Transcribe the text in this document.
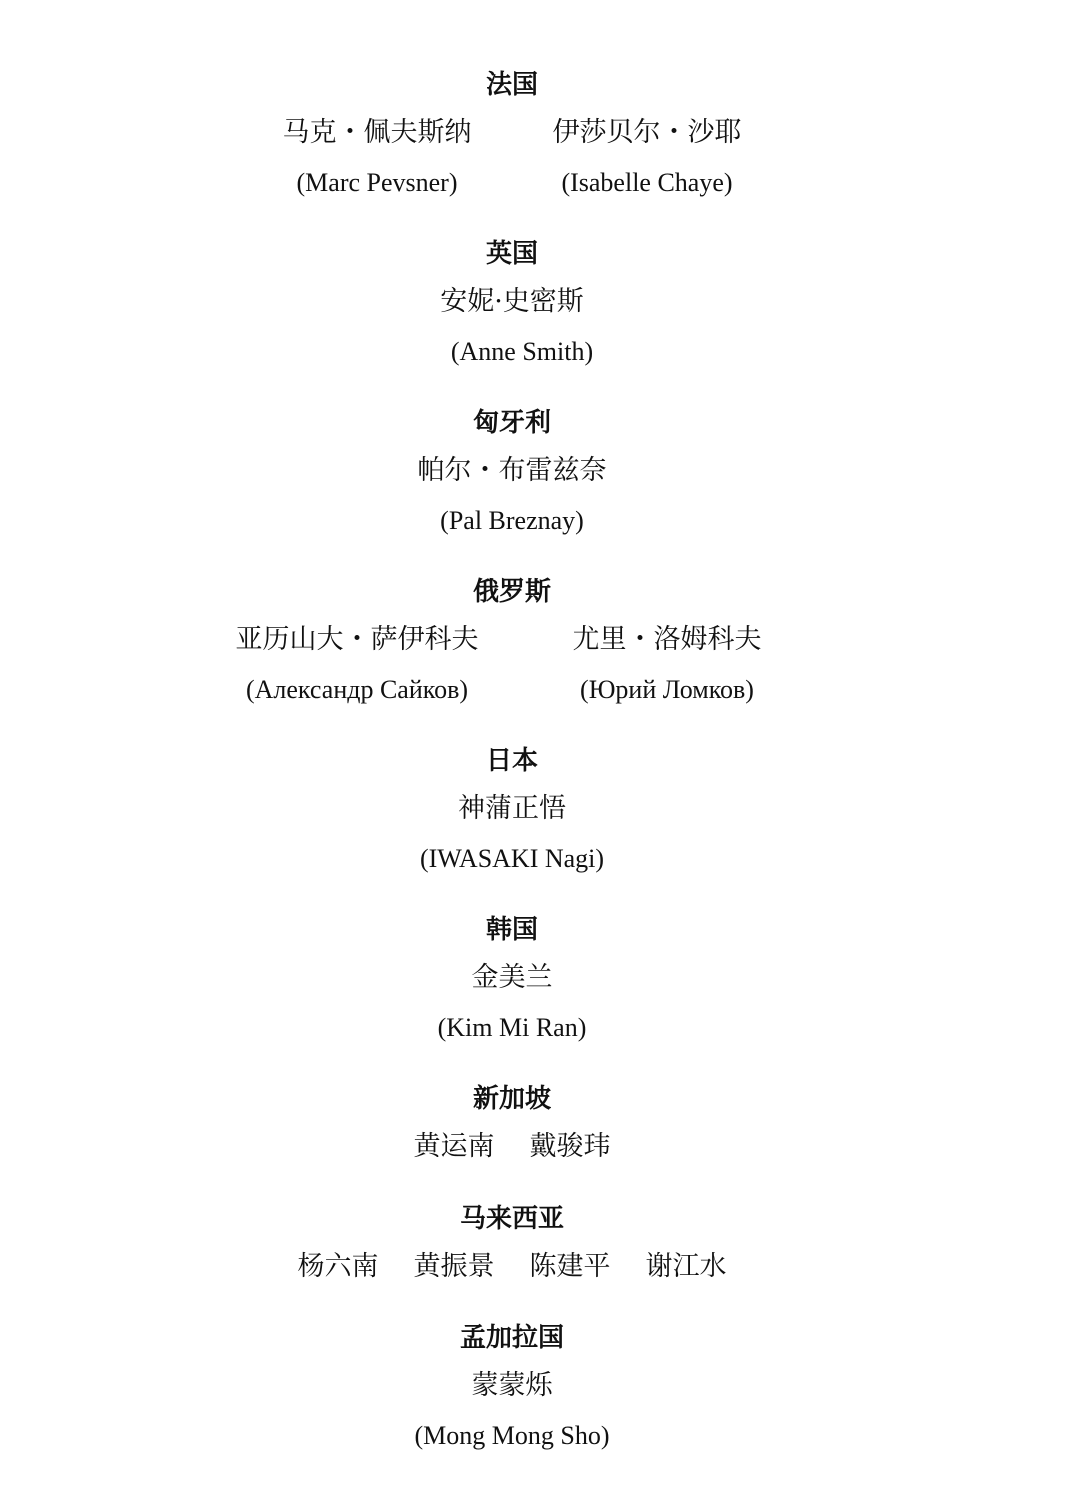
法国
马克・佩夫斯纳
(Marc Pevsner)
伊莎贝尔・沙耶
(Isabelle Chaye)
英国
安妮·史密斯
(Anne Smith)
匈牙利
帕尔・布雷兹奈
(Pal Breznay)
俄罗斯
亚历山大・萨伊科夫
(Александр Сайков)
尤里・洛姆科夫
(Юрий Ломков)
日本
神蒲正悟
(IWASAKI Nagi)
韩国
金美兰
(Kim Mi Ran)
新加坡
黄运南	戴骏玮
马来西亚
杨六南	黄振景	陈建平	谢江水
孟加拉国
蒙蒙烁
(Mong Mong Sho)
